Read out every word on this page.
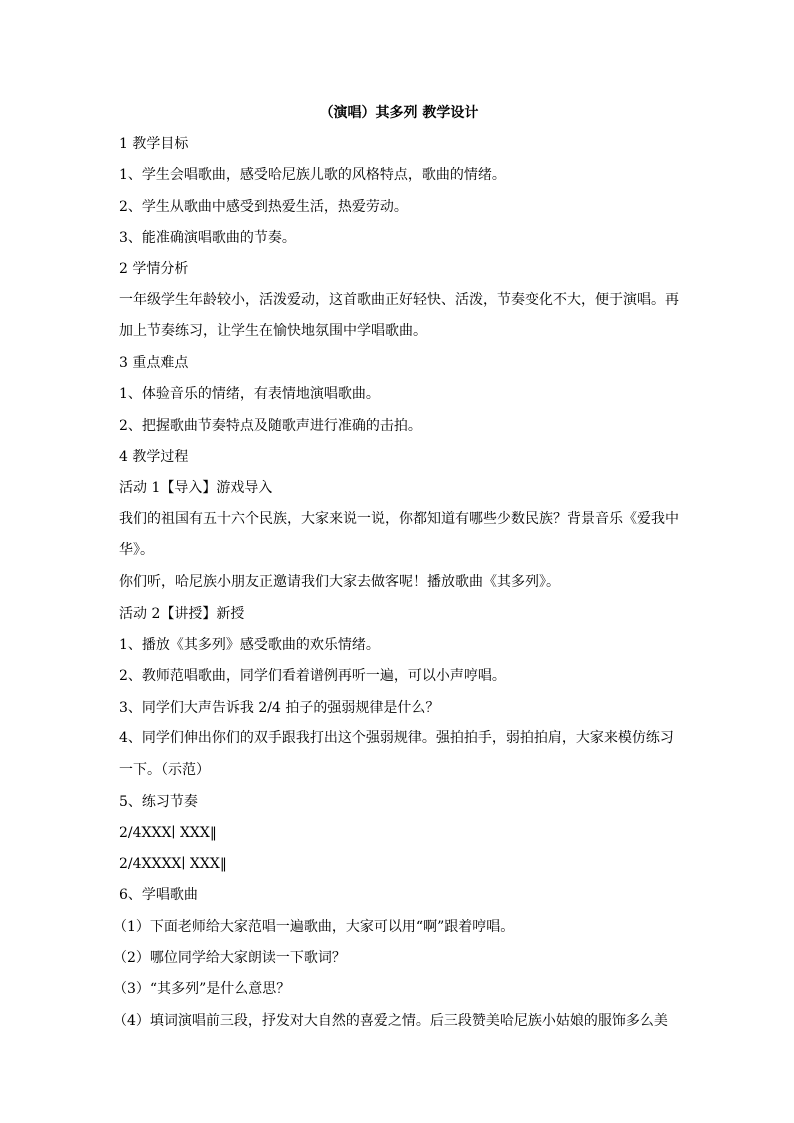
（演唱）其多列 教学设计
1 教学目标
1、学生会唱歌曲，感受哈尼族儿歌的风格特点，歌曲的情绪。
2、学生从歌曲中感受到热爱生活，热爱劳动。
3、能准确演唱歌曲的节奏。
2 学情分析
一年级学生年龄较小，活泼爱动，这首歌曲正好轻快、活泼，节奏变化不大，便于演唱。再加上节奏练习，让学生在愉快地氛围中学唱歌曲。
3 重点难点
1、体验音乐的情绪，有表情地演唱歌曲。
2、把握歌曲节奏特点及随歌声进行准确的击拍。
4 教学过程
活动 1【导入】游戏导入
我们的祖国有五十六个民族，大家来说一说，你都知道有哪些少数民族？背景音乐《爱我中华》。
你们听，哈尼族小朋友正邀请我们大家去做客呢！播放歌曲《其多列》。
活动 2【讲授】新授
1、播放《其多列》感受歌曲的欢乐情绪。
2、教师范唱歌曲，同学们看着谱例再听一遍，可以小声哼唱。
3、同学们大声告诉我 2/4 拍子的强弱规律是什么？
4、同学们伸出你们的双手跟我打出这个强弱规律。强拍拍手，弱拍拍肩，大家来模仿练习一下。（示范）
5、练习节奏
2/4XXX∣ XXX‖
2/4XXXX∣ XXX‖
6、学唱歌曲
（1）下面老师给大家范唱一遍歌曲，大家可以用“啊”跟着哼唱。
（2）哪位同学给大家朗读一下歌词？
（3）“其多列”是什么意思？
（4）填词演唱前三段，抒发对大自然的喜爱之情。后三段赞美哈尼族小姑娘的服饰多么美
